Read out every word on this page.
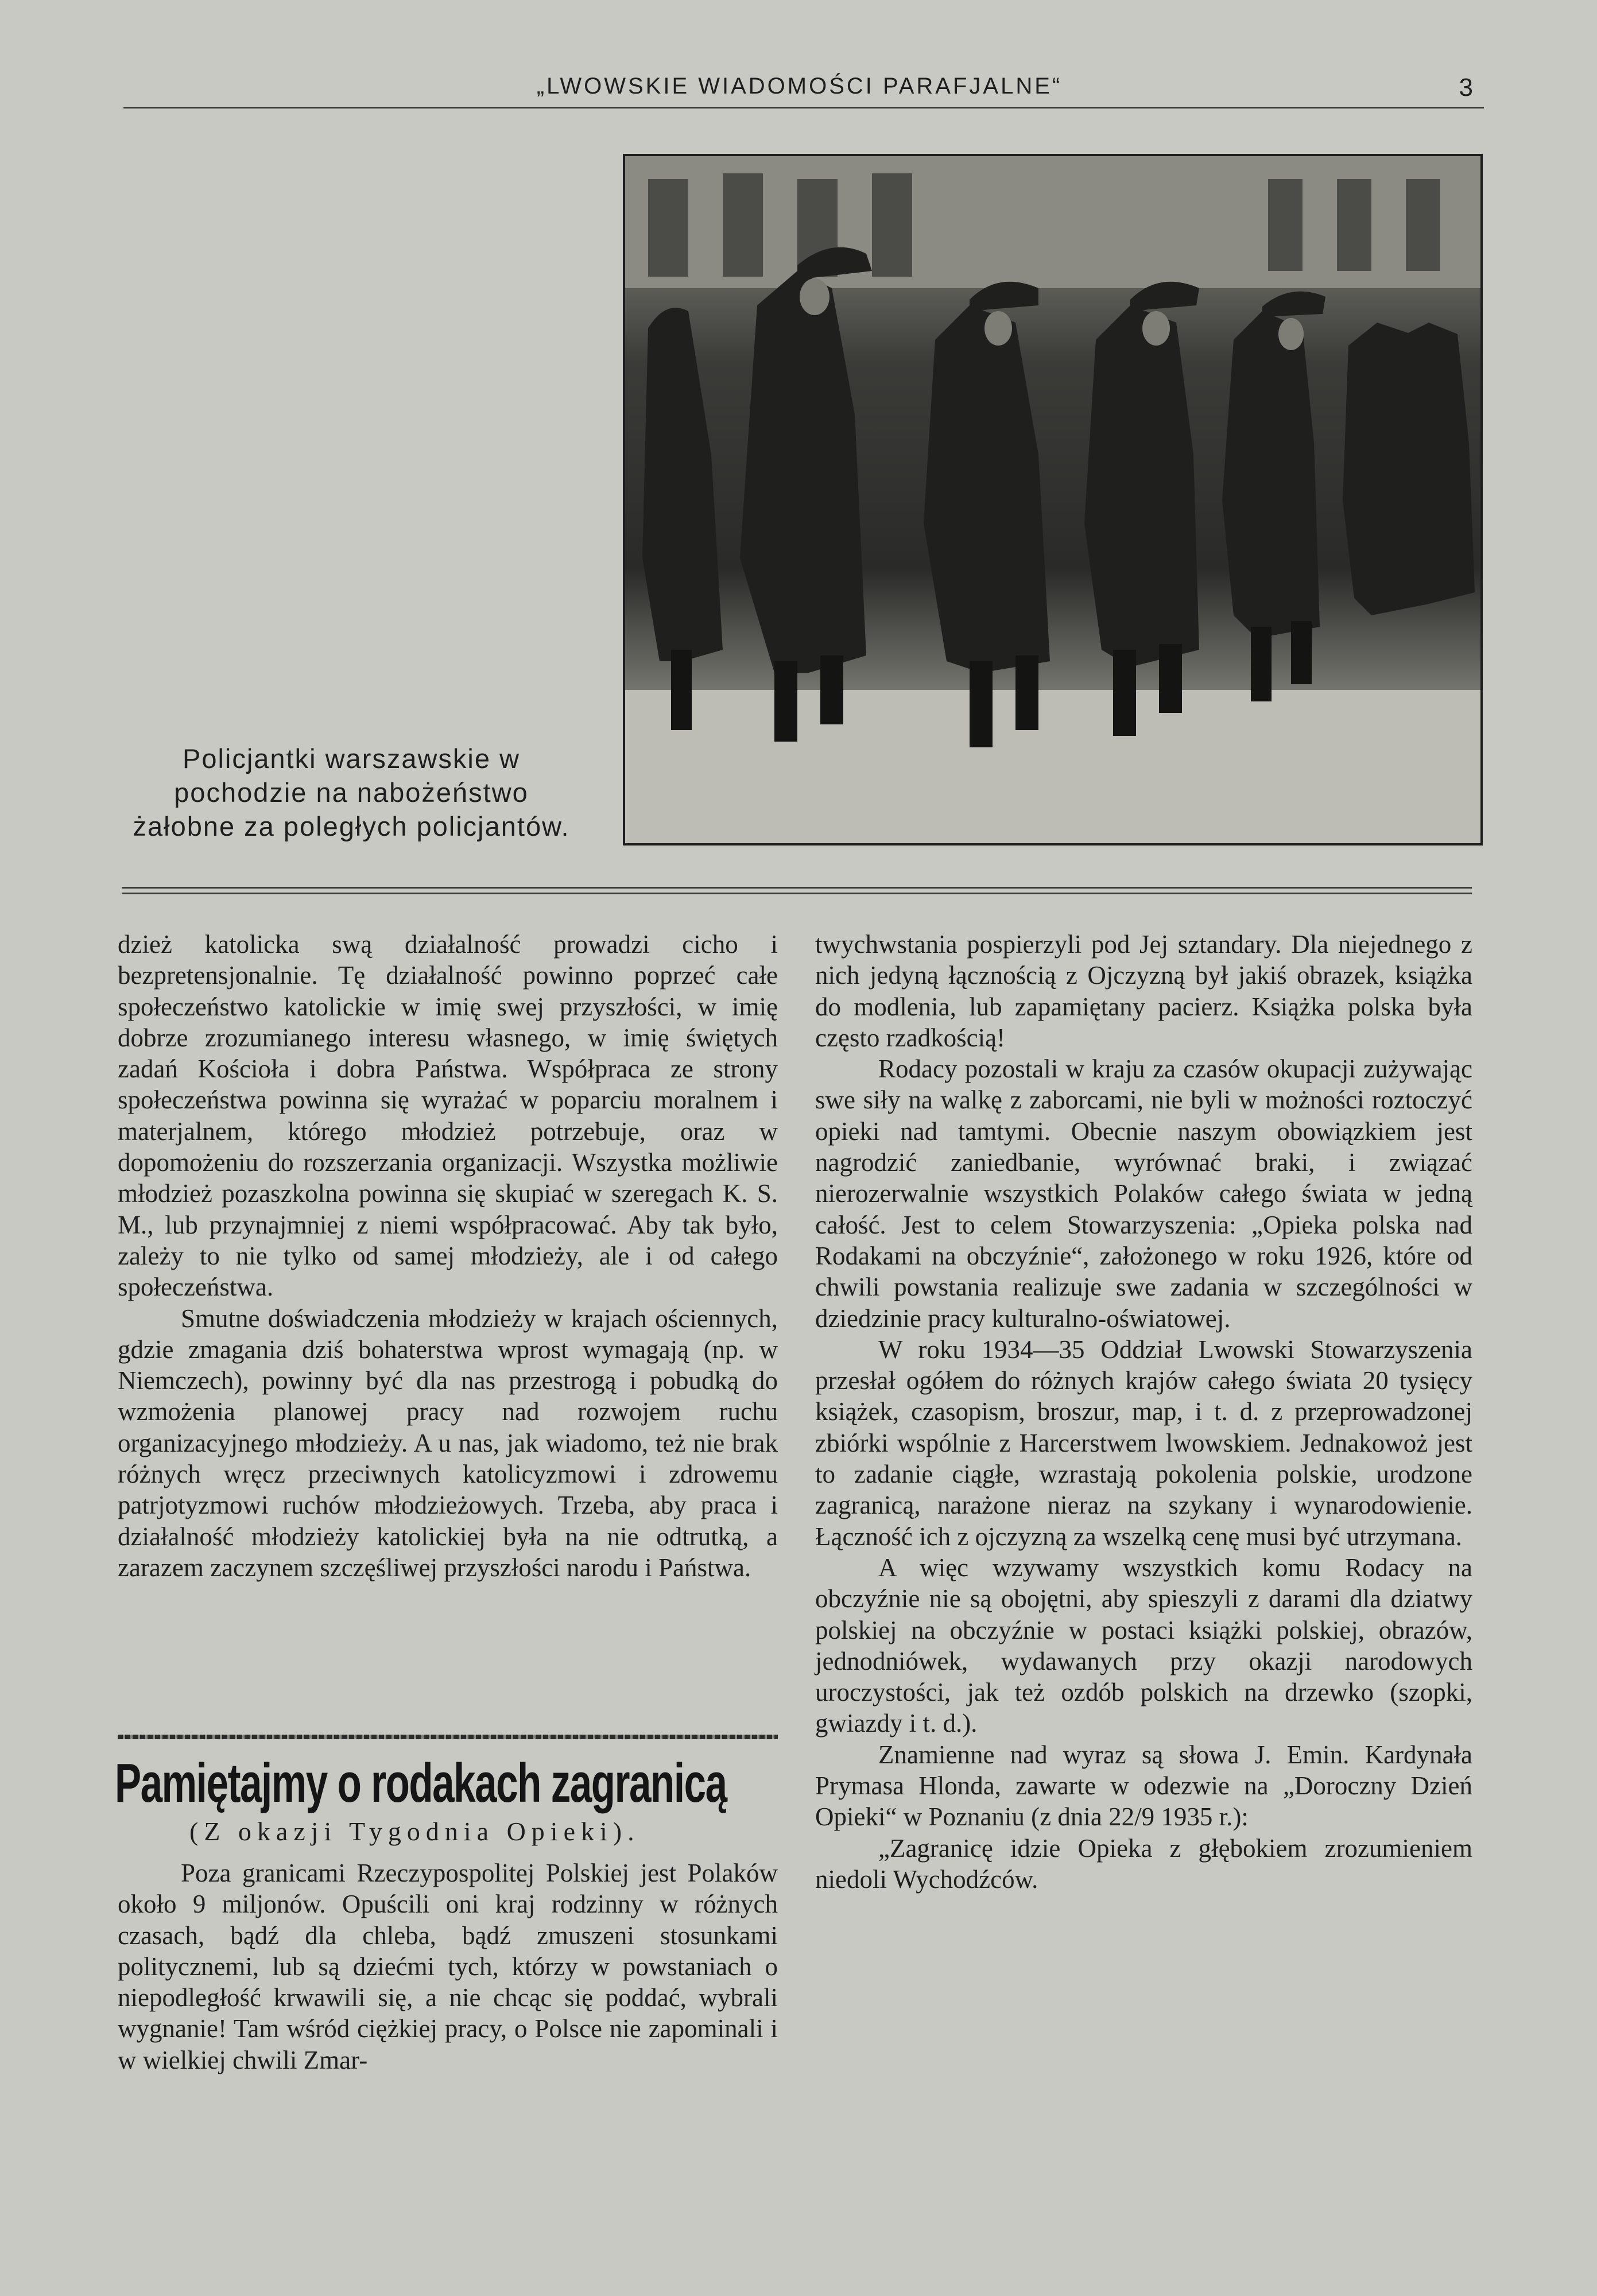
„LWOWSKIE WIADOMOŚCI PARAFJALNE“	3
Policjantki warszawskie w pochodzie na nabożeństwo żałobne za poległych policjantów.

dzież katolicka swą działalność prowadzi cicho i bezpretensjonalnie. Tę działalność powinno poprzeć całe społeczeństwo katolickie w imię swej przyszłości, w imię dobrze zrozumianego interesu własnego, w imię świętych zadań Kościoła i dobra Państwa. Współpraca ze strony społeczeństwa powinna się wyrażać w poparciu moralnem i materjalnem, którego młodzież potrzebuje, oraz w dopomożeniu do rozszerzania organizacji. Wszystka możliwie młodzież pozaszkolna powinna się skupiać w szeregach K. S. M., lub przynajmniej z niemi współpracować. Aby tak było, zależy to nie tylko od samej młodzieży, ale i od całego społeczeństwa.

Smutne doświadczenia młodzieży w krajach ościennych, gdzie zmagania dziś bohaterstwa wprost wymagają (np. w Niemczech), powinny być dla nas przestrogą i pobudką do wzmożenia planowej pracy nad rozwojem ruchu organizacyjnego młodzieży. A u nas, jak wiadomo, też nie brak różnych wręcz przeciwnych katolicyzmowi i zdrowemu patrjotyzmowi ruchów młodzieżowych. Trzeba, aby praca i działalność młodzieży katolickiej była na nie odtrutką, a zarazem zaczynem szczęśliwej przyszłości narodu i Państwa.

Pamiętajmy o rodakach zagranicą
(Z okazji Tygodnia Opieki).

Poza granicami Rzeczypospolitej Polskiej jest Polaków około 9 miljonów. Opuścili oni kraj rodzinny w różnych czasach, bądź dla chleba, bądź zmuszeni stosunkami politycznemi, lub są dziećmi tych, którzy w powstaniach o niepodległość krwawili się, a nie chcąc się poddać, wybrali wygnanie! Tam wśród ciężkiej pracy, o Polsce nie zapominali i w wielkiej chwili Zmar-

twychwstania pospierzyli pod Jej sztandary. Dla niejednego z nich jedyną łącznością z Ojczyzną był jakiś obrazek, książka do modlenia, lub zapamiętany pacierz. Książka polska była często rzadkością!

Rodacy pozostali w kraju za czasów okupacji zużywając swe siły na walkę z zaborcami, nie byli w możności roztoczyć opieki nad tamtymi. Obecnie naszym obowiązkiem jest nagrodzić zaniedbanie, wyrównać braki, i związać nierozerwalnie wszystkich Polaków całego świata w jedną całość. Jest to celem Stowarzyszenia: „Opieka polska nad Rodakami na obczyźnie“, założonego w roku 1926, które od chwili powstania realizuje swe zadania w szczególności w dziedzinie pracy kulturalno-oświatowej.

W roku 1934—35 Oddział Lwowski Stowarzyszenia przesłał ogółem do różnych krajów całego świata 20 tysięcy książek, czasopism, broszur, map, i t. d. z przeprowadzonej zbiórki wspólnie z Harcerstwem lwowskiem. Jednakowoż jest to zadanie ciągłe, wzrastają pokolenia polskie, urodzone zagranicą, narażone nieraz na szykany i wynarodowienie. Łączność ich z ojczyzną za wszelką cenę musi być utrzymana.

A więc wzywamy wszystkich komu Rodacy na obczyźnie nie są obojętni, aby spieszyli z darami dla dziatwy polskiej na obczyźnie w postaci książki polskiej, obrazów, jednodniówek, wydawanych przy okazji narodowych uroczystości, jak też ozdób polskich na drzewko (szopki, gwiazdy i t. d.).

Znamienne nad wyraz są słowa J. Emin. Kardynała Prymasa Hlonda, zawarte w odezwie na „Doroczny Dzień Opieki“ w Poznaniu (z dnia 22/9 1935 r.):

„Zagranicę idzie Opieka z głębokiem zrozumieniem niedoli Wychodźców.
